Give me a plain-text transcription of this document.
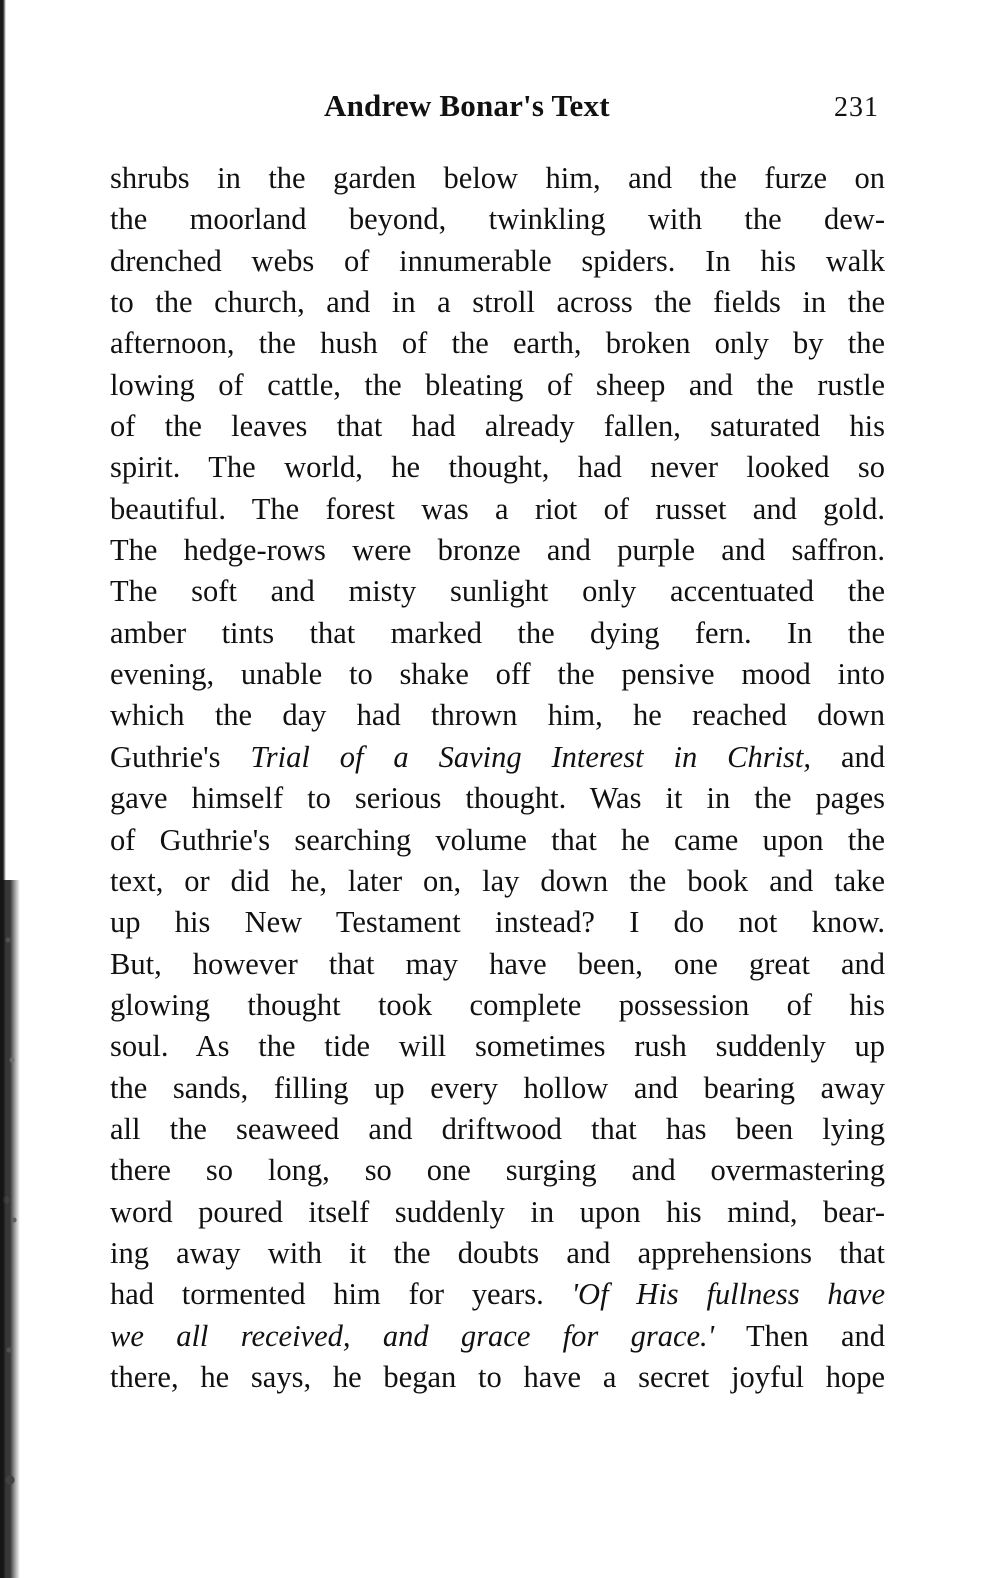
Andrew Bonar's Text	231
shrubs in the garden below him, and the furze on
the moorland beyond, twinkling with the dew-
drenched webs of innumerable spiders. In his walk
to the church, and in a stroll across the fields in the
afternoon, the hush of the earth, broken only by the
lowing of cattle, the bleating of sheep and the rustle
of the leaves that had already fallen, saturated his
spirit. The world, he thought, had never looked so
beautiful. The forest was a riot of russet and gold.
The hedge-rows were bronze and purple and saffron.
The soft and misty sunlight only accentuated the
amber tints that marked the dying fern. In the
evening, unable to shake off the pensive mood into
which the day had thrown him, he reached down
Guthrie's Trial of a Saving Interest in Christ, and
gave himself to serious thought. Was it in the pages
of Guthrie's searching volume that he came upon the
text, or did he, later on, lay down the book and take
up his New Testament instead? I do not know.
But, however that may have been, one great and
glowing thought took complete possession of his
soul. As the tide will sometimes rush suddenly up
the sands, filling up every hollow and bearing away
all the seaweed and driftwood that has been lying
there so long, so one surging and overmastering
word poured itself suddenly in upon his mind, bear-
ing away with it the doubts and apprehensions that
had tormented him for years. 'Of His fullness have
we all received, and grace for grace.' Then and
there, he says, he began to have a secret joyful hope
